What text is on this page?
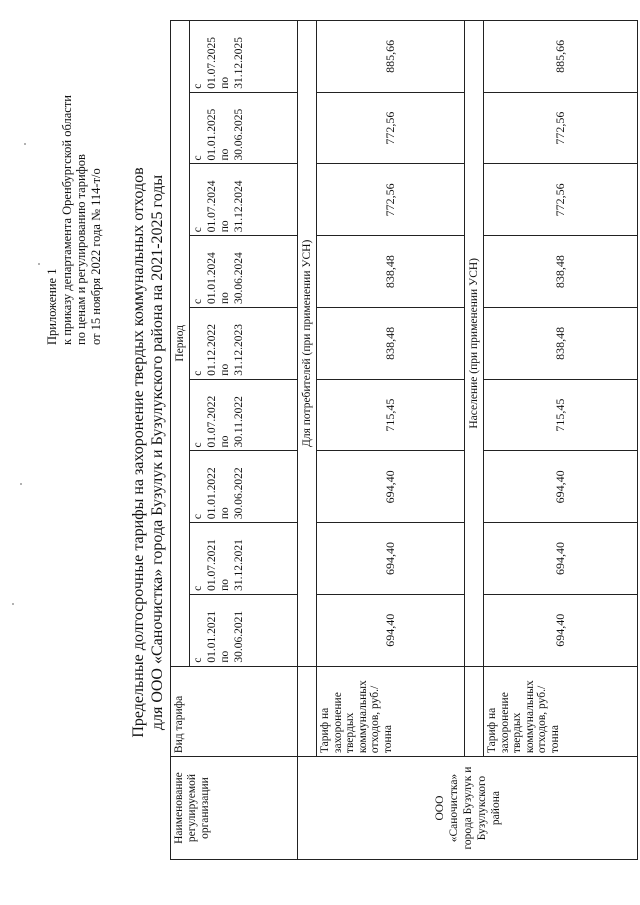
Приложение 1 к приказу департамента Оренбургской области по ценам и регулированию тарифов от 15 ноября 2022 года № 114-т/о Предельные долгосрочные тарифы на захоронение твердых коммунальных отходов для ООО «Саночистка» города Бузулук и Бузулукского района на 2021-2025 годы
Наименование регулируемой организации	Вид тарифа	Период								

		с 01.01.2021 по 30.06.2021	с 01.07.2021 по 31.12.2021	с 01.01.2022 по 30.06.2022	с 01.07.2022 по 30.11.2022	с 01.12.2022 по 31.12.2023	с 01.01.2024 по 30.06.2024	с 01.07.2024 по 31.12.2024	с 01.01.2025 по 30.06.2025	с 01.07.2025 по 31.12.2025

ООО «Саночистка» города Бузулук и Бузулукского района		Для потребителей (при применении УСН)								
	Тариф на захоронение твердых коммунальных отходов, руб./ тонна	694,40	694,40	694,40	715,45	838,48	838,48	772,56	772,56	885,66
		Население (при применении УСН)								
	Тариф на захоронение твердых коммунальных отходов, руб./тонна	694,40	694,40	694,40	715,45	838,48	838,48	772,56	772,56	885,66
